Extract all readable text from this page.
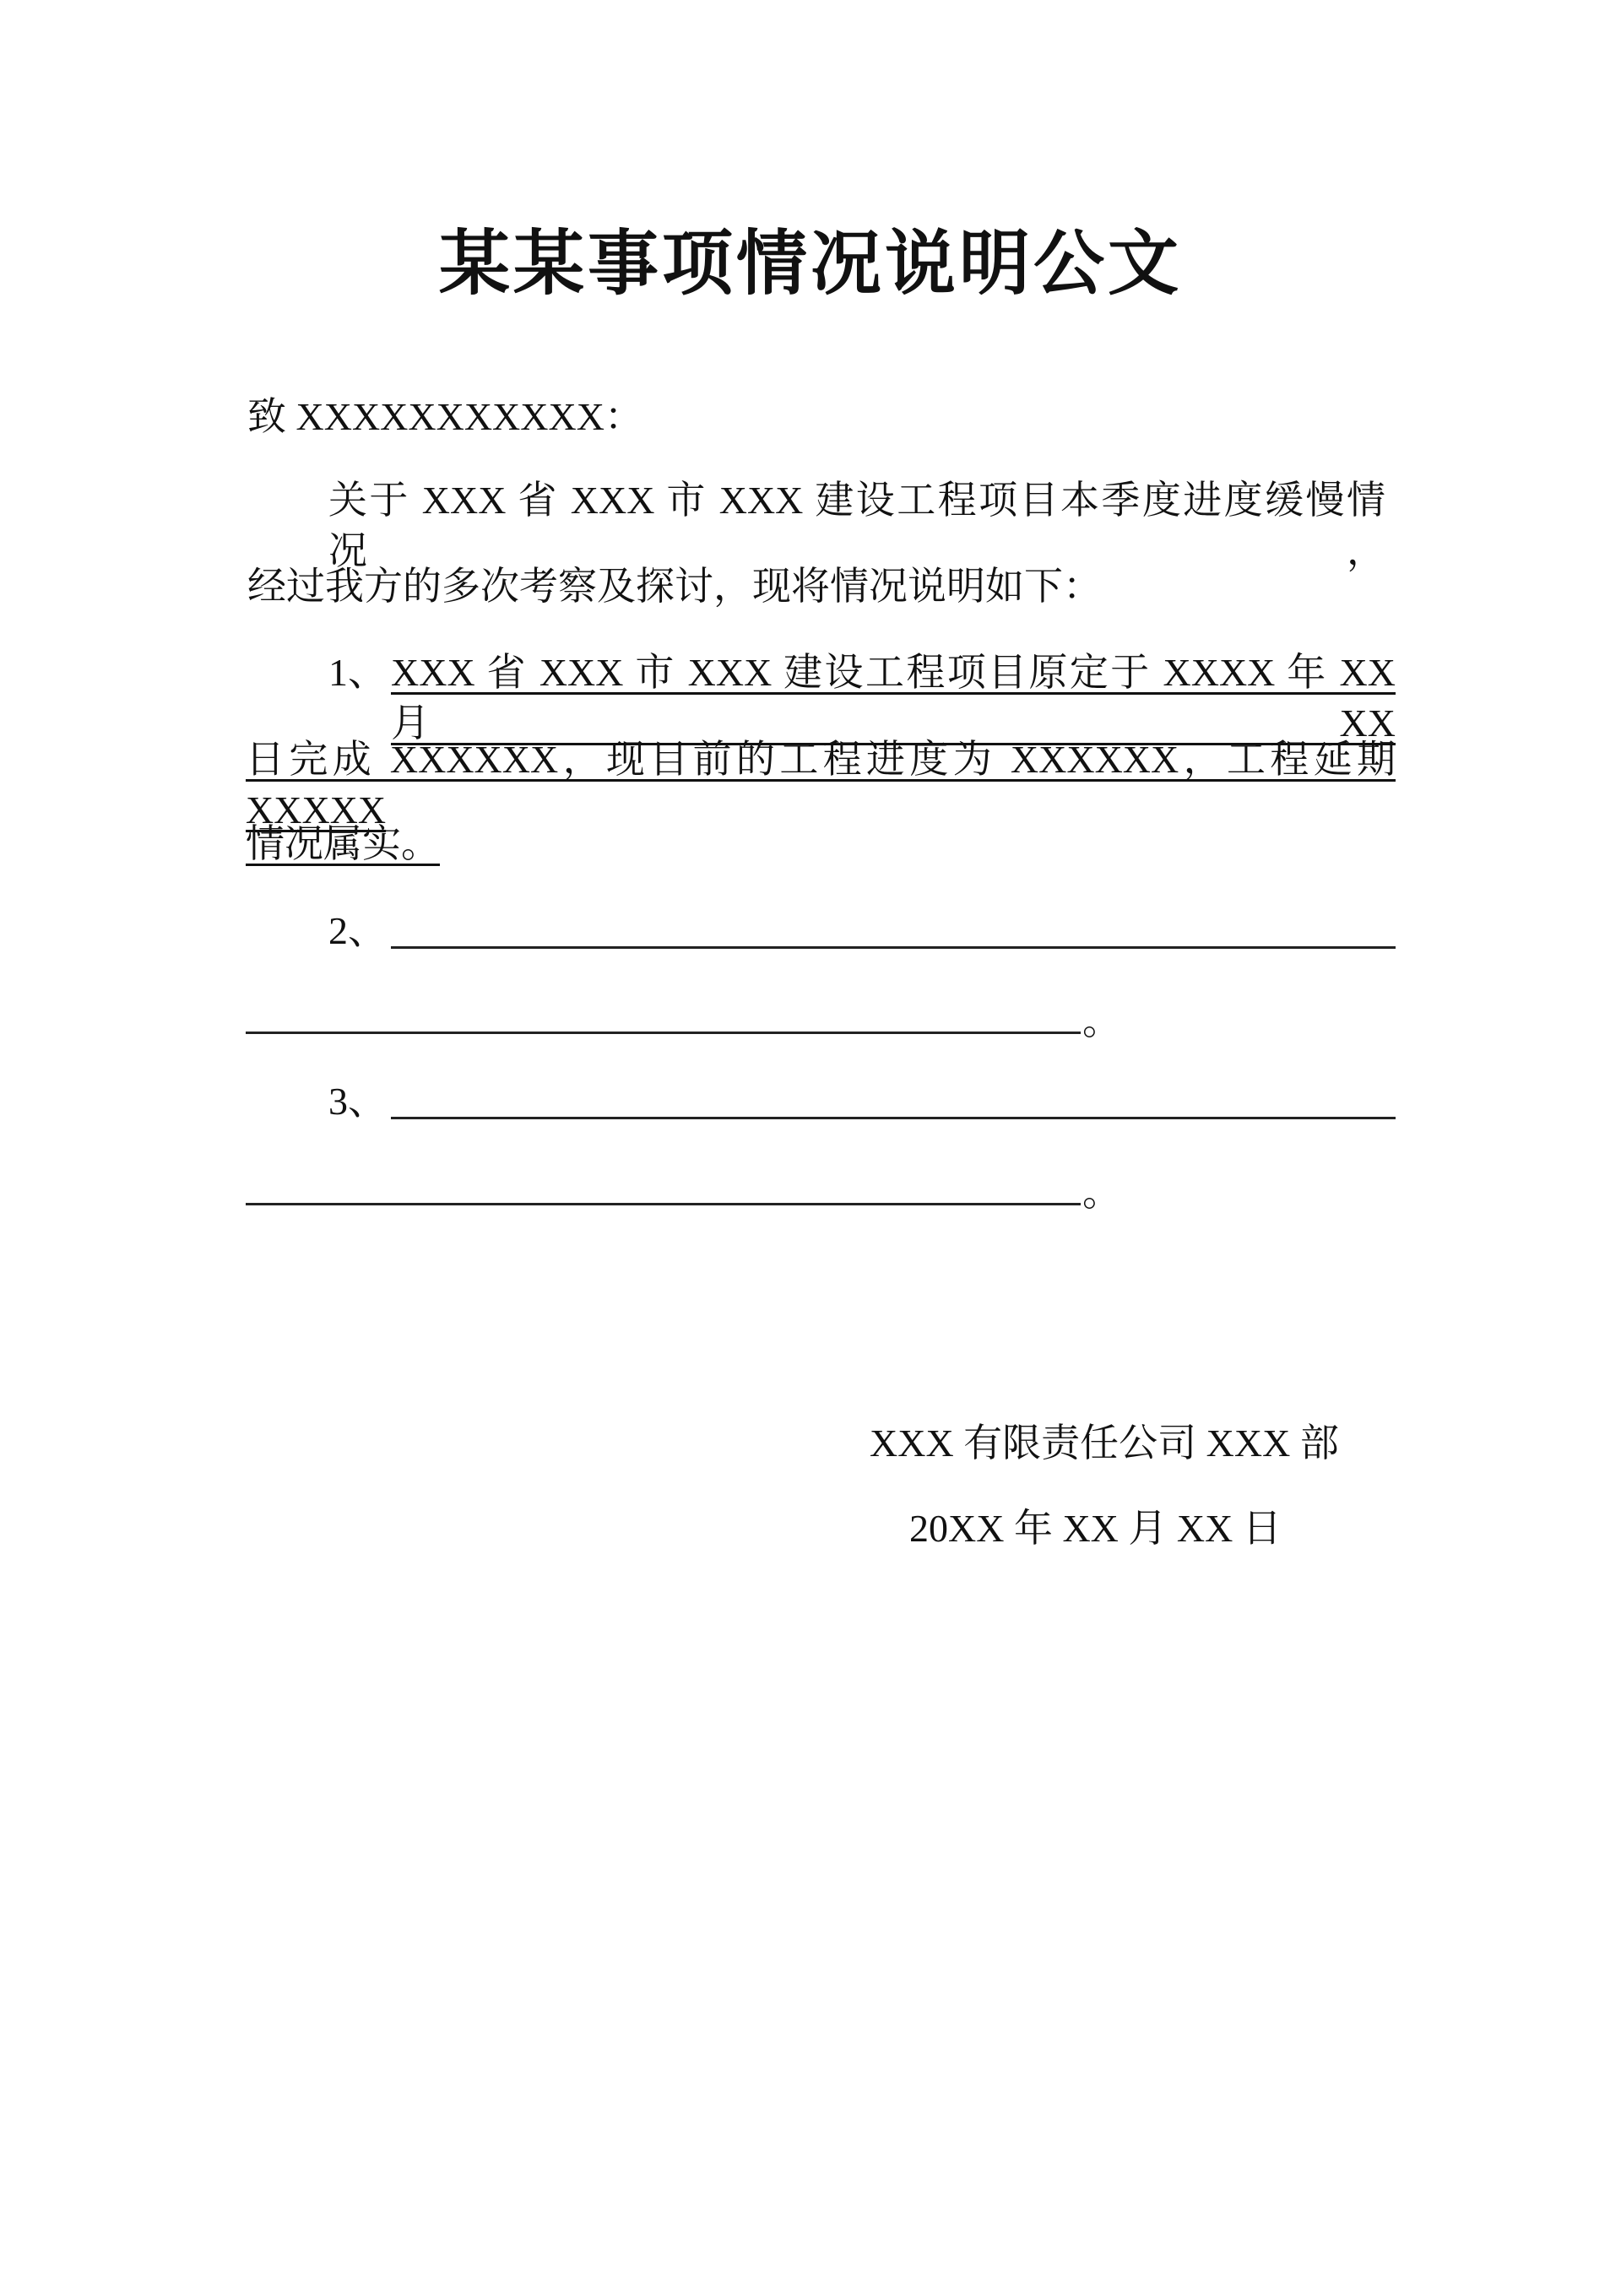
某某事项情况说明公文
致 XXXXXXXXXXX：
关于 XXX 省 XXX 市 XXX 建设工程项目本季度进度缓慢情况，
经过我方的多次考察及探讨，现将情况说明如下：
1、 XXX 省 XXX 市 XXX 建设工程项目原定于 XXXX 年 XX 月 XX
日完成 XXXXXX，现目前的工程进度为 XXXXXX，工程延期 XXXXX
情况属实。
2、
。
3、
。
XXX 有限责任公司 XXX 部
20XX 年 XX 月 XX 日
